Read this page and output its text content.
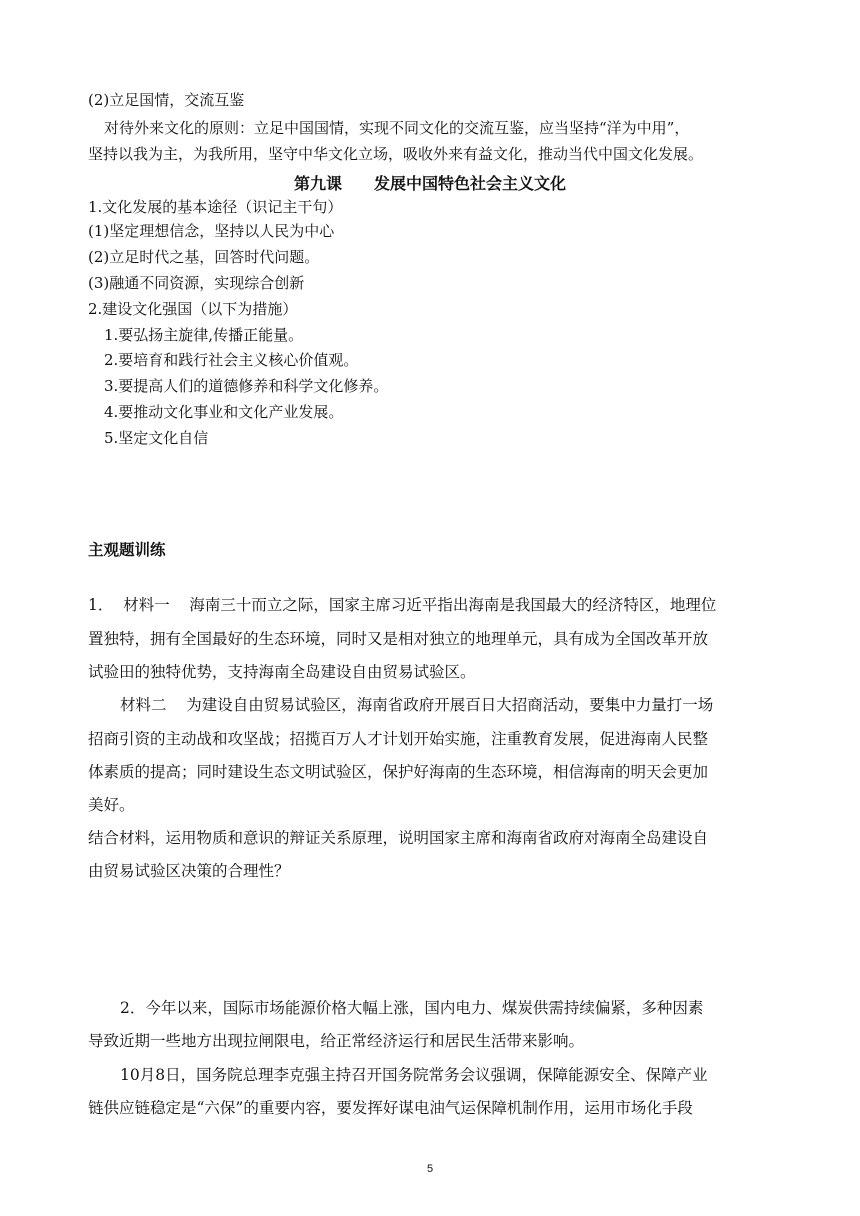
(2)立足国情，交流互鉴
对待外来文化的原则：立足中国国情，实现不同文化的交流互鉴，应当坚持“洋为中用”，
坚持以我为主，为我所用，坚守中华文化立场，吸收外来有益文化，推动当代中国文化发展。
第九课　　发展中国特色社会主义文化
1.文化发展的基本途径（识记主干句）
(1)坚定理想信念，坚持以人民为中心
(2)立足时代之基，回答时代问题。
(3)融通不同资源，实现综合创新
2.建设文化强国（以下为措施）
1.要弘扬主旋律,传播正能量。
2.要培育和践行社会主义核心价值观。
3.要提高人们的道德修养和科学文化修养。
4.要推动文化事业和文化产业发展。
5.坚定文化自信
主观题训练
1．  材料一    海南三十而立之际，国家主席习近平指出海南是我国最大的经济特区，地理位
置独特，拥有全国最好的生态环境，同时又是相对独立的地理单元，具有成为全国改革开放
试验田的独特优势，支持海南全岛建设自由贸易试验区。
材料二    为建设自由贸易试验区，海南省政府开展百日大招商活动，要集中力量打一场
招商引资的主动战和攻坚战；招揽百万人才计划开始实施，注重教育发展，促进海南人民整
体素质的提高；同时建设生态文明试验区，保护好海南的生态环境，相信海南的明天会更加
美好。
结合材料，运用物质和意识的辩证关系原理，说明国家主席和海南省政府对海南全岛建设自
由贸易试验区决策的合理性？
2．今年以来，国际市场能源价格大幅上涨，国内电力、煤炭供需持续偏紧，多种因素
导致近期一些地方出现拉闸限电，给正常经济运行和居民生活带来影响。
10月8日，国务院总理李克强主持召开国务院常务会议强调，保障能源安全、保障产业
链供应链稳定是“六保”的重要内容，要发挥好谋电油气运保障机制作用，运用市场化手段
5
